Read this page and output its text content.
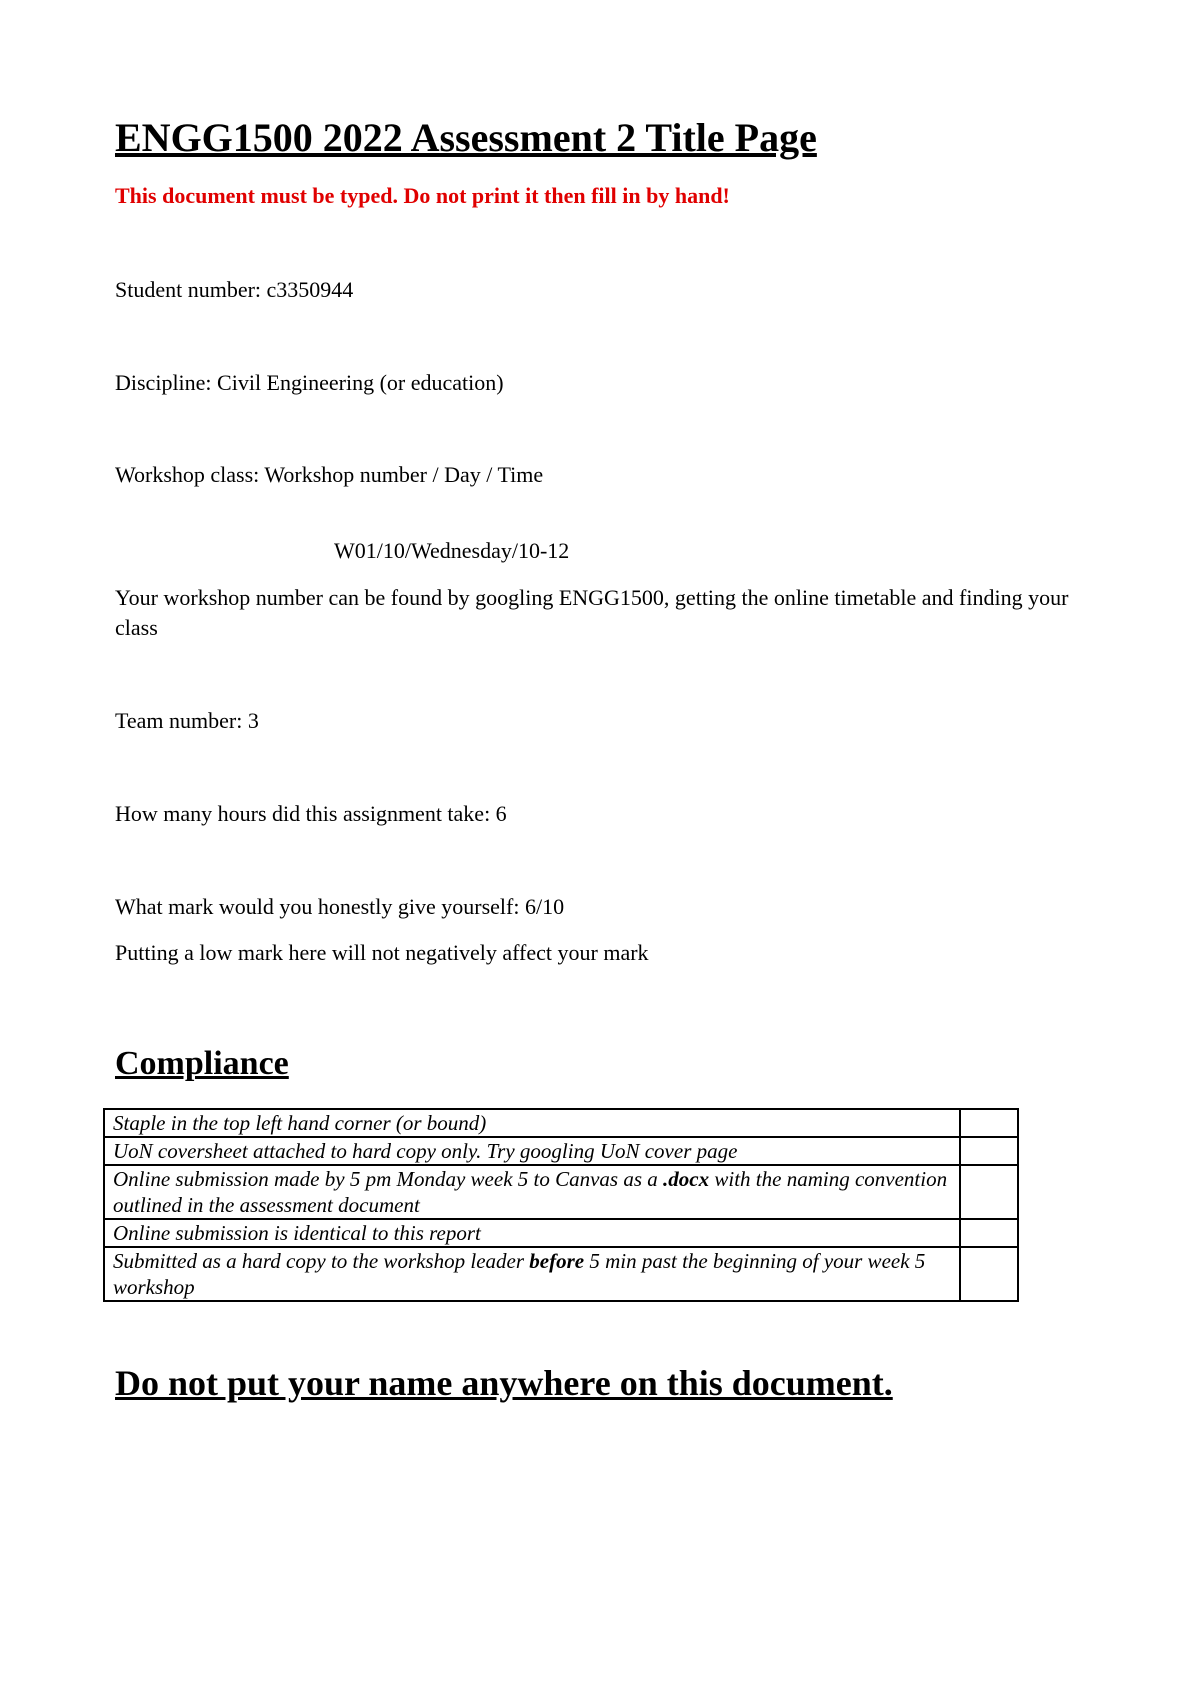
ENGG1500 2022 Assessment 2 Title Page
This document must be typed. Do not print it then fill in by hand!
Student number: c3350944
Discipline: Civil Engineering (or education)
Workshop class: Workshop number / Day / Time
W01/10/Wednesday/10-12
Your workshop number can be found by googling ENGG1500, getting the online timetable and finding your class
Team number: 3
How many hours did this assignment take: 6
What mark would you honestly give yourself: 6/10
Putting a low mark here will not negatively affect your mark
Compliance
Staple in the top left hand corner (or bound)	
UoN coversheet attached to hard copy only. Try googling UoN cover page	
Online submission made by 5 pm Monday week 5 to Canvas as a .docx with the naming convention outlined in the assessment document	
Online submission is identical to this report	
Submitted as a hard copy to the workshop leader before 5 min past the beginning of your week 5 workshop	
Do not put your name anywhere on this document.
